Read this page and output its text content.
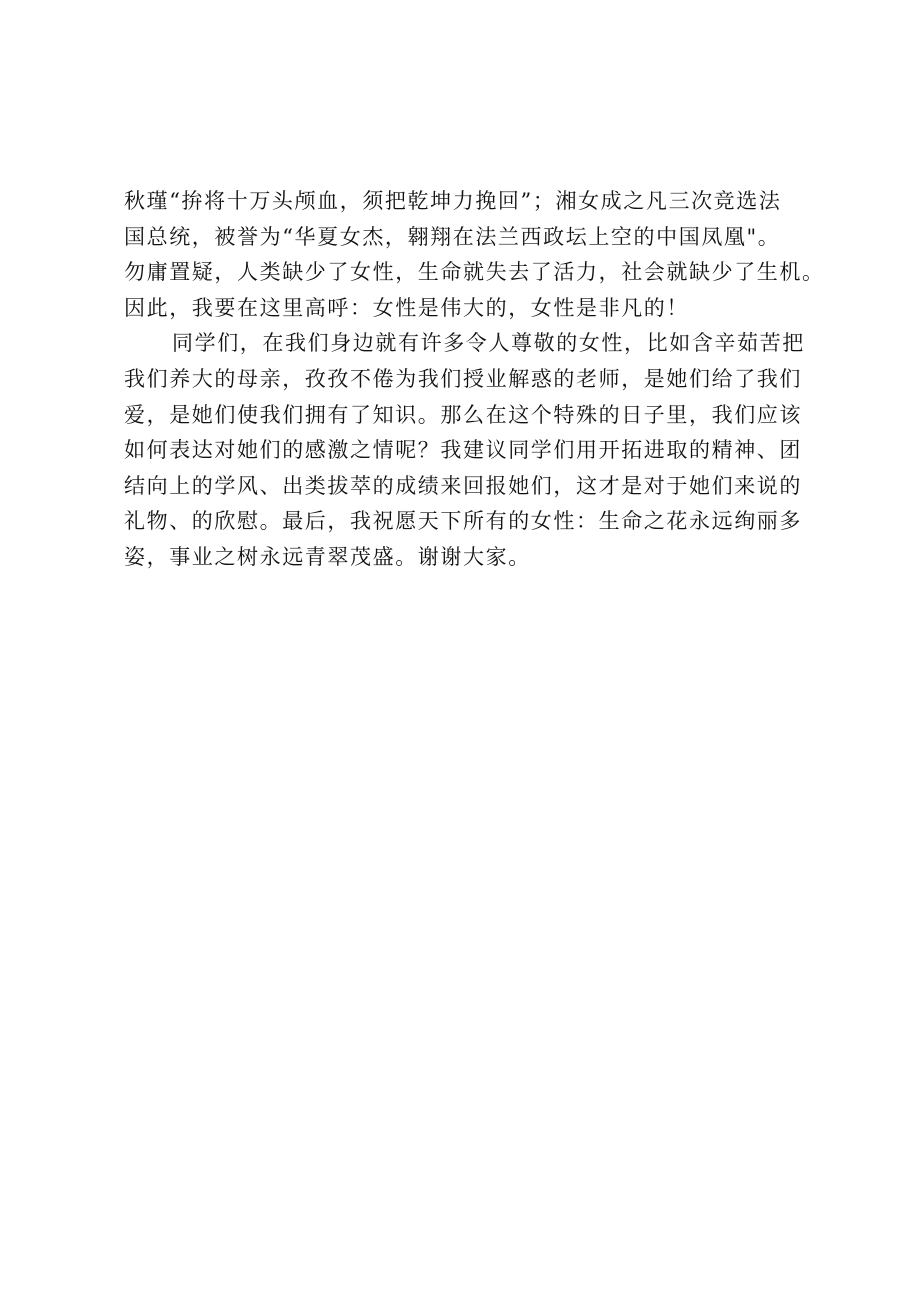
秋瑾“拚将十万头颅血，须把乾坤力挽回”；湘女成之凡三次竞选法
国总统，被誉为“华夏女杰，翱翔在法兰西政坛上空的中国凤凰"。
勿庸置疑，人类缺少了女性，生命就失去了活力，社会就缺少了生机。
因此，我要在这里高呼：女性是伟大的，女性是非凡的！
同学们，在我们身边就有许多令人尊敬的女性，比如含辛茹苦把
我们养大的母亲，孜孜不倦为我们授业解惑的老师，是她们给了我们
爱，是她们使我们拥有了知识。那么在这个特殊的日子里，我们应该
如何表达对她们的感激之情呢？我建议同学们用开拓进取的精神、团
结向上的学风、出类拔萃的成绩来回报她们，这才是对于她们来说的
礼物、的欣慰。最后，我祝愿天下所有的女性：生命之花永远绚丽多
姿，事业之树永远青翠茂盛。谢谢大家。
